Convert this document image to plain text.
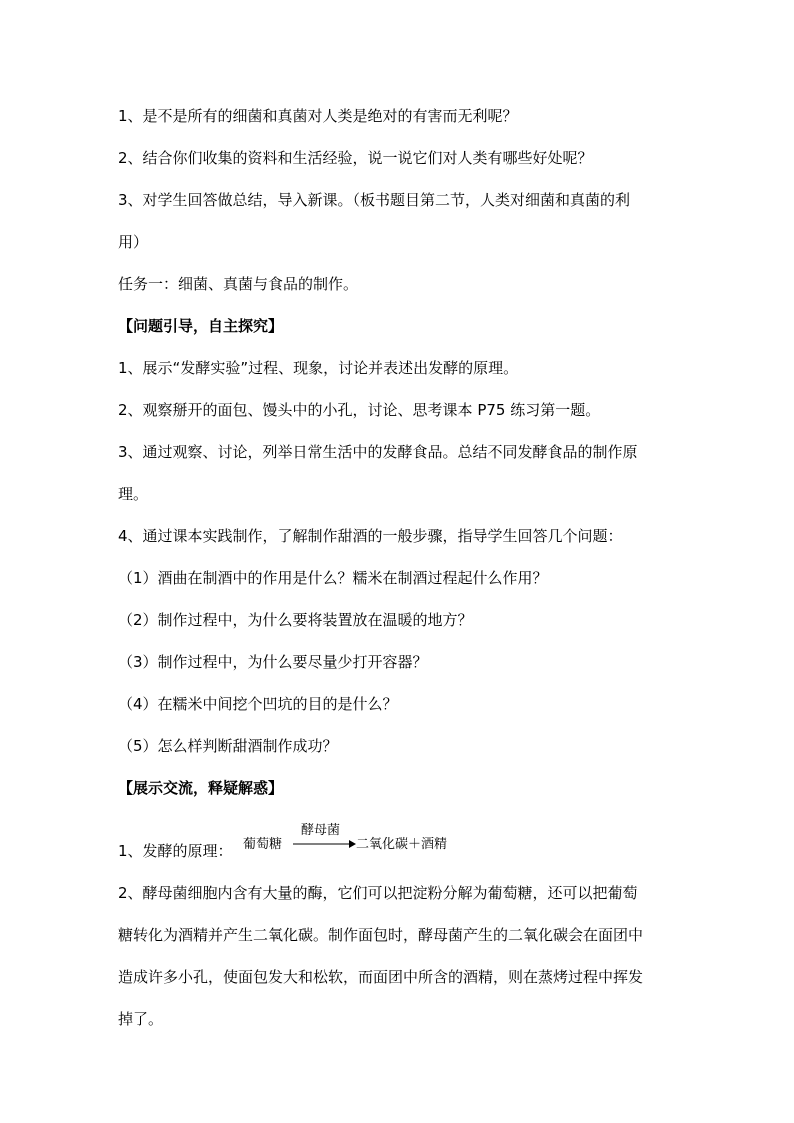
1、是不是所有的细菌和真菌对人类是绝对的有害而无利呢？
2、结合你们收集的资料和生活经验，说一说它们对人类有哪些好处呢？
3、对学生回答做总结，导入新课。（板书题目第二节，人类对细菌和真菌的利
用）
任务一：细菌、真菌与食品的制作。
【问题引导，自主探究】
1、展示“发酵实验”过程、现象，讨论并表述出发酵的原理。
2、观察掰开的面包、馒头中的小孔，讨论、思考课本 P75 练习第一题。
3、通过观察、讨论，列举日常生活中的发酵食品。总结不同发酵食品的制作原
理。
4、通过课本实践制作，了解制作甜酒的一般步骤，指导学生回答几个问题：
（1）酒曲在制酒中的作用是什么？糯米在制酒过程起什么作用？
（2）制作过程中，为什么要将装置放在温暖的地方？
（3）制作过程中，为什么要尽量少打开容器？
（4）在糯米中间挖个凹坑的目的是什么？
（5）怎么样判断甜酒制作成功？
【展示交流，释疑解惑】
1、发酵的原理：
酵母菌
葡萄糖 → 二氧化碳＋酒精
2、酵母菌细胞内含有大量的酶，它们可以把淀粉分解为葡萄糖，还可以把葡萄
糖转化为酒精并产生二氧化碳。制作面包时，酵母菌产生的二氧化碳会在面团中
造成许多小孔，使面包发大和松软，而面团中所含的酒精，则在蒸烤过程中挥发
掉了。
